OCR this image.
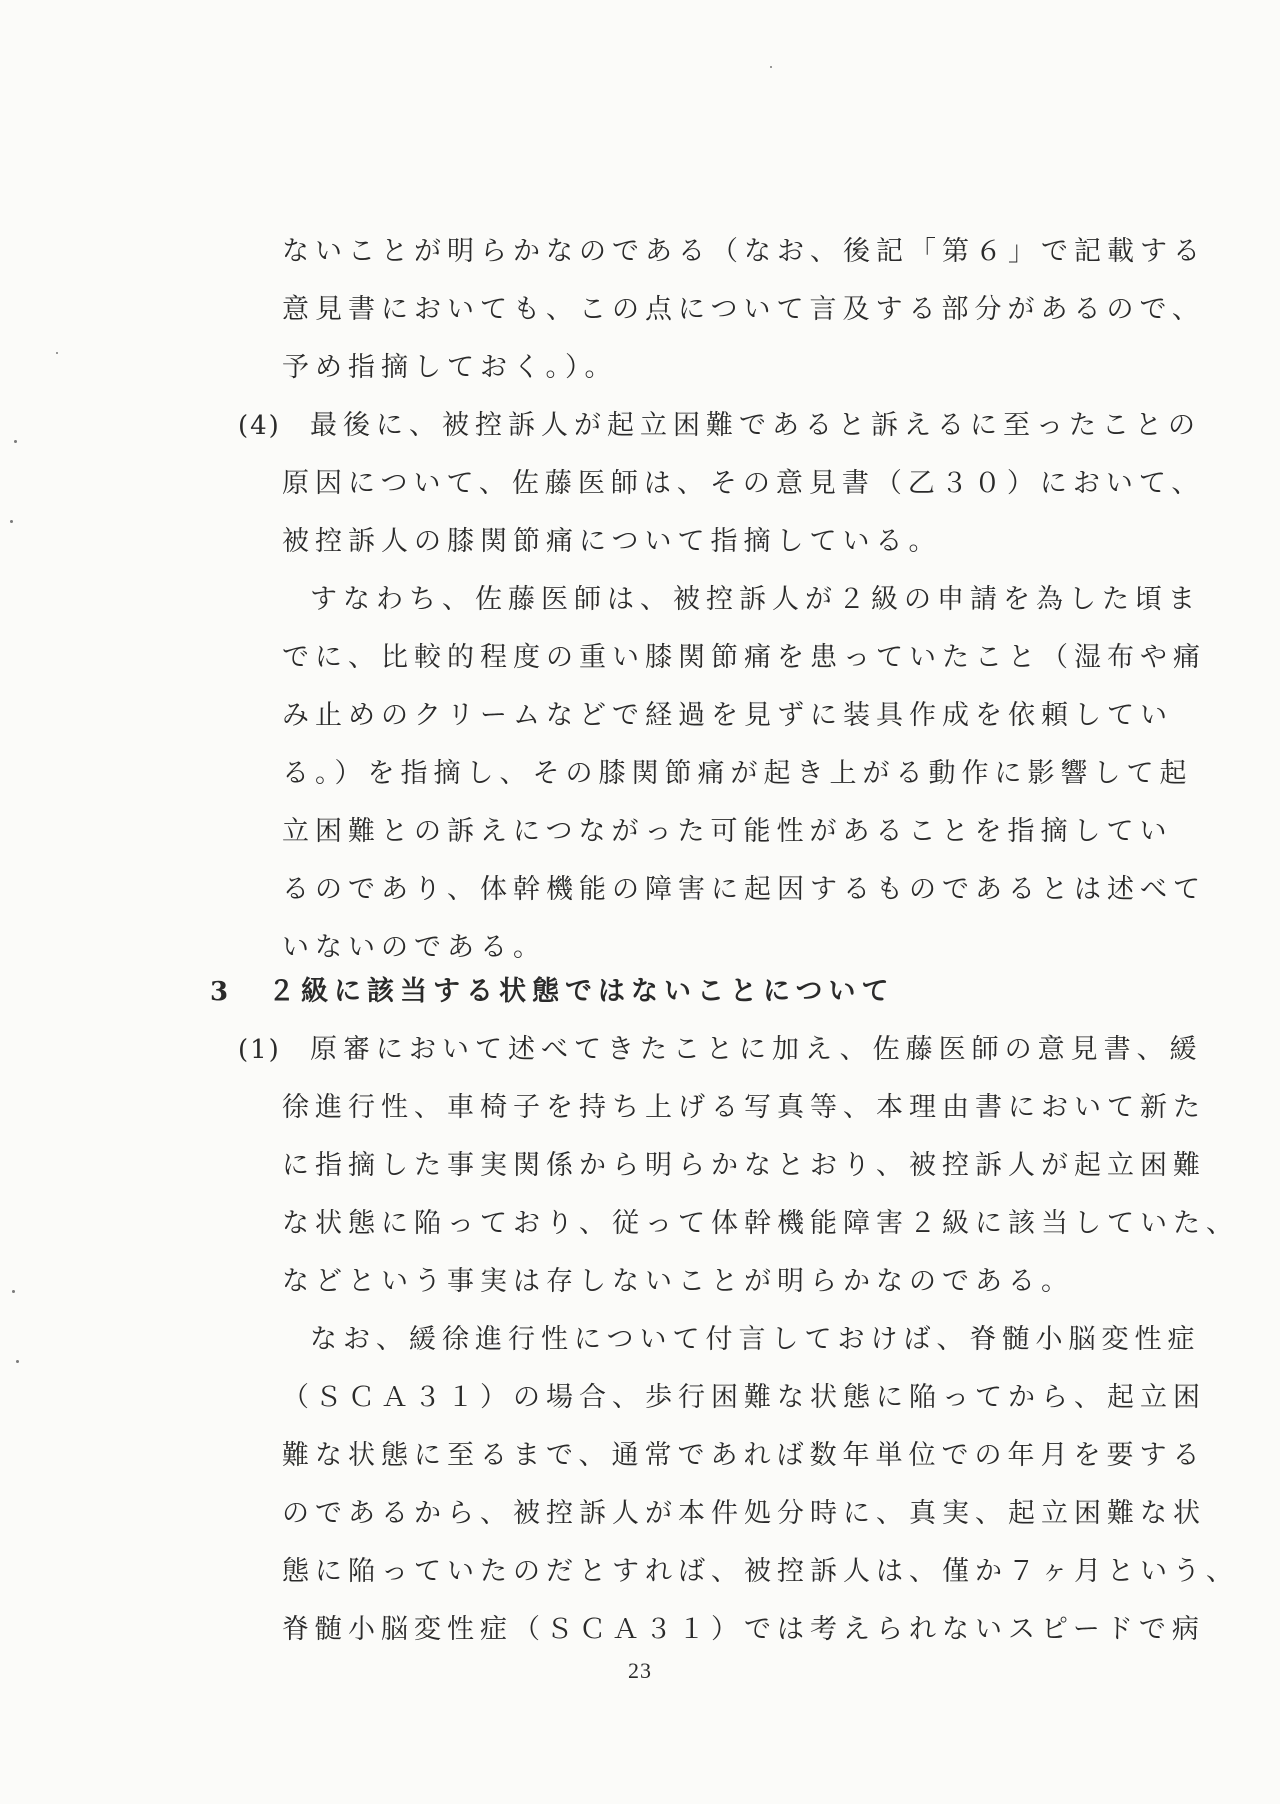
ないことが明らかなのである（なお、後記「第６」で記載する
意見書においても、この点について言及する部分があるので、
予め指摘しておく。）。
(4) 最後に、被控訴人が起立困難であると訴えるに至ったことの
原因について、佐藤医師は、その意見書（乙３０）において、
被控訴人の膝関節痛について指摘している。
すなわち、佐藤医師は、被控訴人が２級の申請を為した頃ま
でに、比較的程度の重い膝関節痛を患っていたこと（湿布や痛
み止めのクリームなどで経過を見ずに装具作成を依頼してい
る。）を指摘し、その膝関節痛が起き上がる動作に影響して起
立困難との訴えにつながった可能性があることを指摘してい
るのであり、体幹機能の障害に起因するものであるとは述べて
いないのである。
3 ２級に該当する状態ではないことについて
(1) 原審において述べてきたことに加え、佐藤医師の意見書、緩
徐進行性、車椅子を持ち上げる写真等、本理由書において新た
に指摘した事実関係から明らかなとおり、被控訴人が起立困難
な状態に陥っており、従って体幹機能障害２級に該当していた、
などという事実は存しないことが明らかなのである。
なお、緩徐進行性について付言しておけば、脊髄小脳変性症
（ＳＣＡ３１）の場合、歩行困難な状態に陥ってから、起立困
難な状態に至るまで、通常であれば数年単位での年月を要する
のであるから、被控訴人が本件処分時に、真実、起立困難な状
態に陥っていたのだとすれば、被控訴人は、僅か７ヶ月という、
脊髄小脳変性症（ＳＣＡ３１）では考えられないスピードで病
23
